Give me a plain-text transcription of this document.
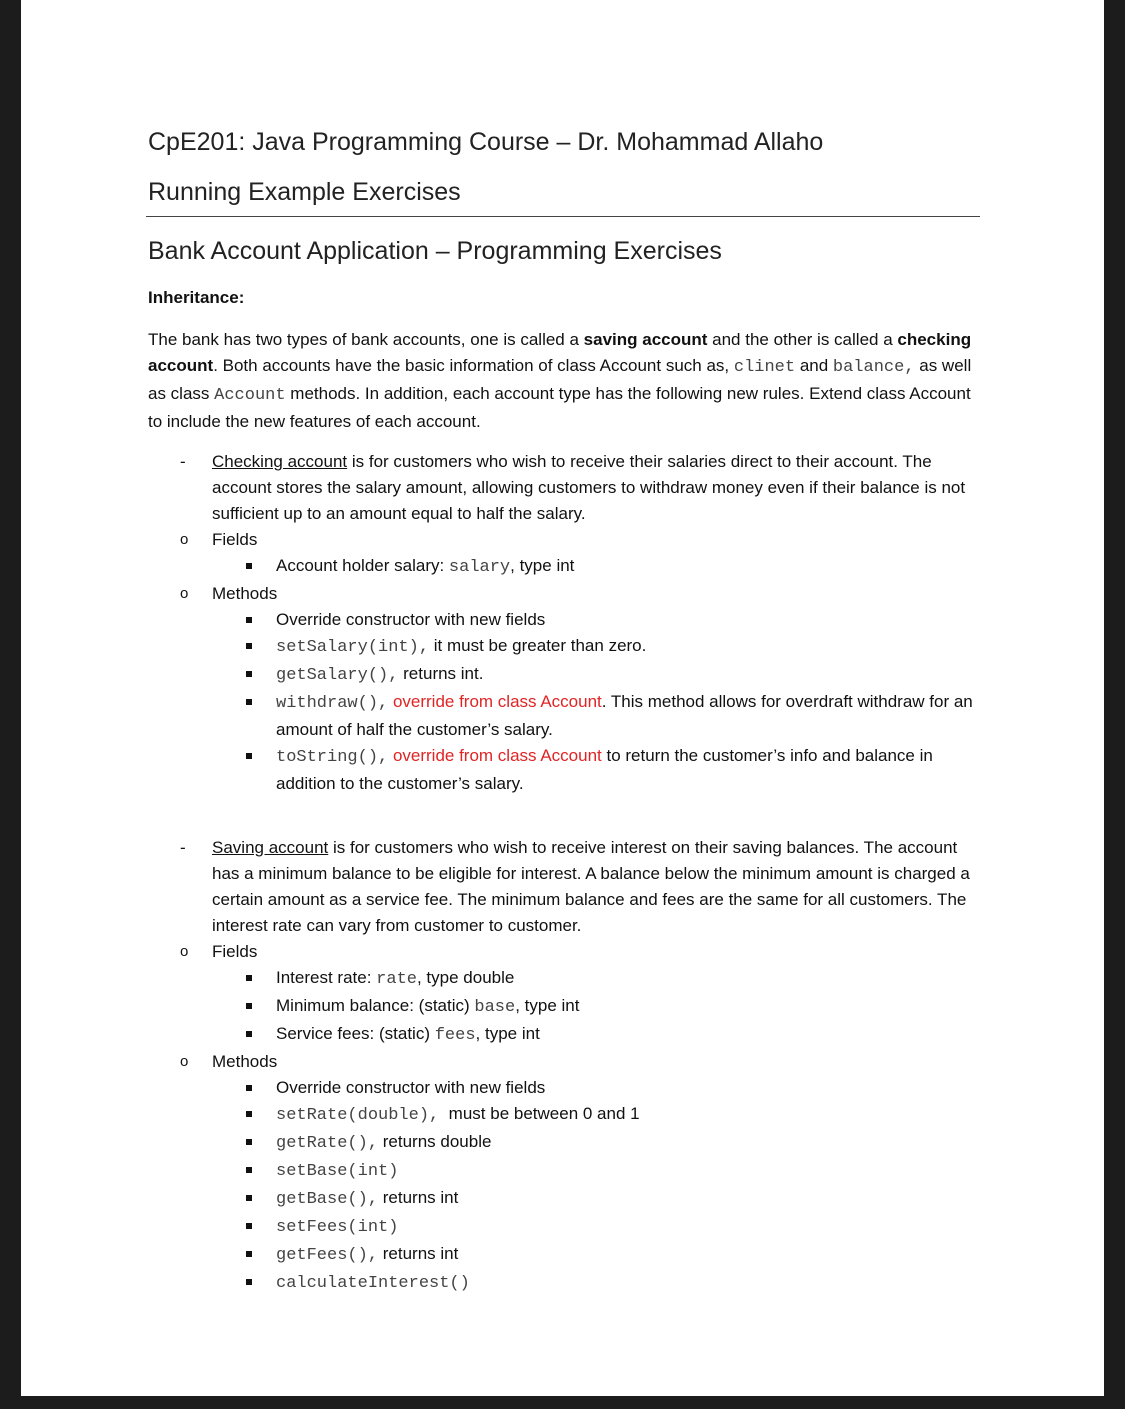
CpE201: Java Programming Course – Dr. Mohammad Allaho
Running Example Exercises
Bank Account Application – Programming Exercises
Inheritance:

The bank has two types of bank accounts, one is called a saving account and the other is called a checking account. Both accounts have the basic information of class Account such as, clinet and balance, as well as class Account methods. In addition, each account type has the following new rules. Extend class Account to include the new features of each account.

- Checking account is for customers who wish to receive their salaries direct to their account. The account stores the salary amount, allowing customers to withdraw money even if their balance is not sufficient up to an amount equal to half the salary.
o Fields
Account holder salary: salary, type int
o Methods
Override constructor with new fields
setSalary(int), it must be greater than zero.
getSalary(), returns int.
withdraw(), override from class Account. This method allows for overdraft withdraw for an amount of half the customer’s salary.
toString(), override from class Account to return the customer’s info and balance in addition to the customer’s salary.
- Saving account is for customers who wish to receive interest on their saving balances. The account has a minimum balance to be eligible for interest. A balance below the minimum amount is charged a certain amount as a service fee. The minimum balance and fees are the same for all customers. The interest rate can vary from customer to customer.
o Fields
Interest rate: rate, type double
Minimum balance: (static) base, type int
Service fees: (static) fees, type int
o Methods
Override constructor with new fields
setRate(double),  must be between 0 and 1
getRate(), returns double
setBase(int)
getBase(), returns int
setFees(int)
getFees(), returns int
calculateInterest()
